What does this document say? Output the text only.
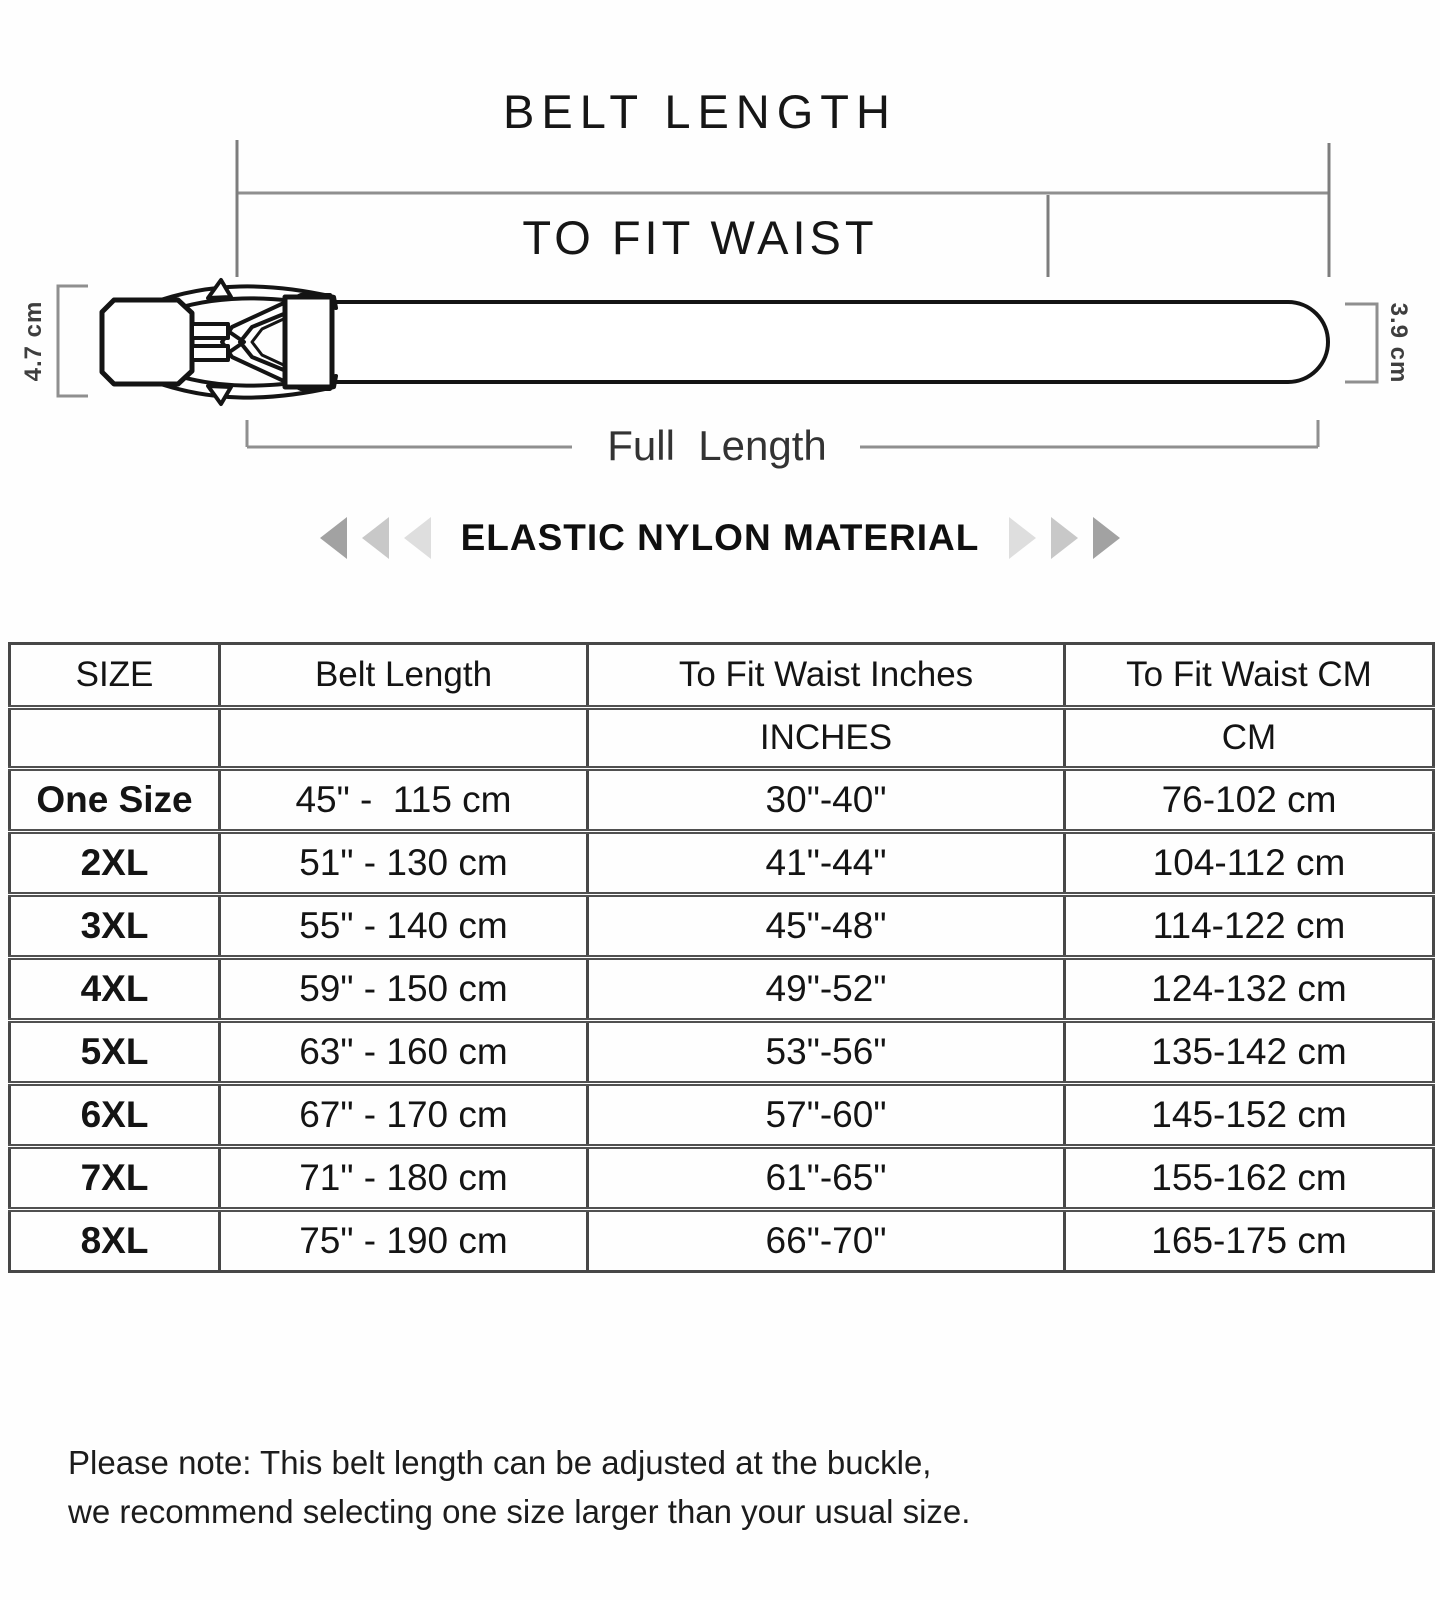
BELT LENGTH
TO FIT WAIST
4.7 cm	3.9 cm
Full  Length
ELASTIC NYLON MATERIAL
SIZE	Belt Length	To Fit Waist Inches	To Fit Waist CM
		INCHES	CM
One Size	45" -  115 cm	30"-40"	76-102 cm
2XL	51" - 130 cm	41"-44"	104-112 cm
3XL	55" - 140 cm	45"-48"	114-122 cm
4XL	59" - 150 cm	49"-52"	124-132 cm
5XL	63" - 160 cm	53"-56"	135-142 cm
6XL	67" - 170 cm	57"-60"	145-152 cm
7XL	71" - 180 cm	61"-65"	155-162 cm
8XL	75" - 190 cm	66"-70"	165-175 cm
Please note: This belt length can be adjusted at the buckle,
we recommend selecting one size larger than your usual size.
